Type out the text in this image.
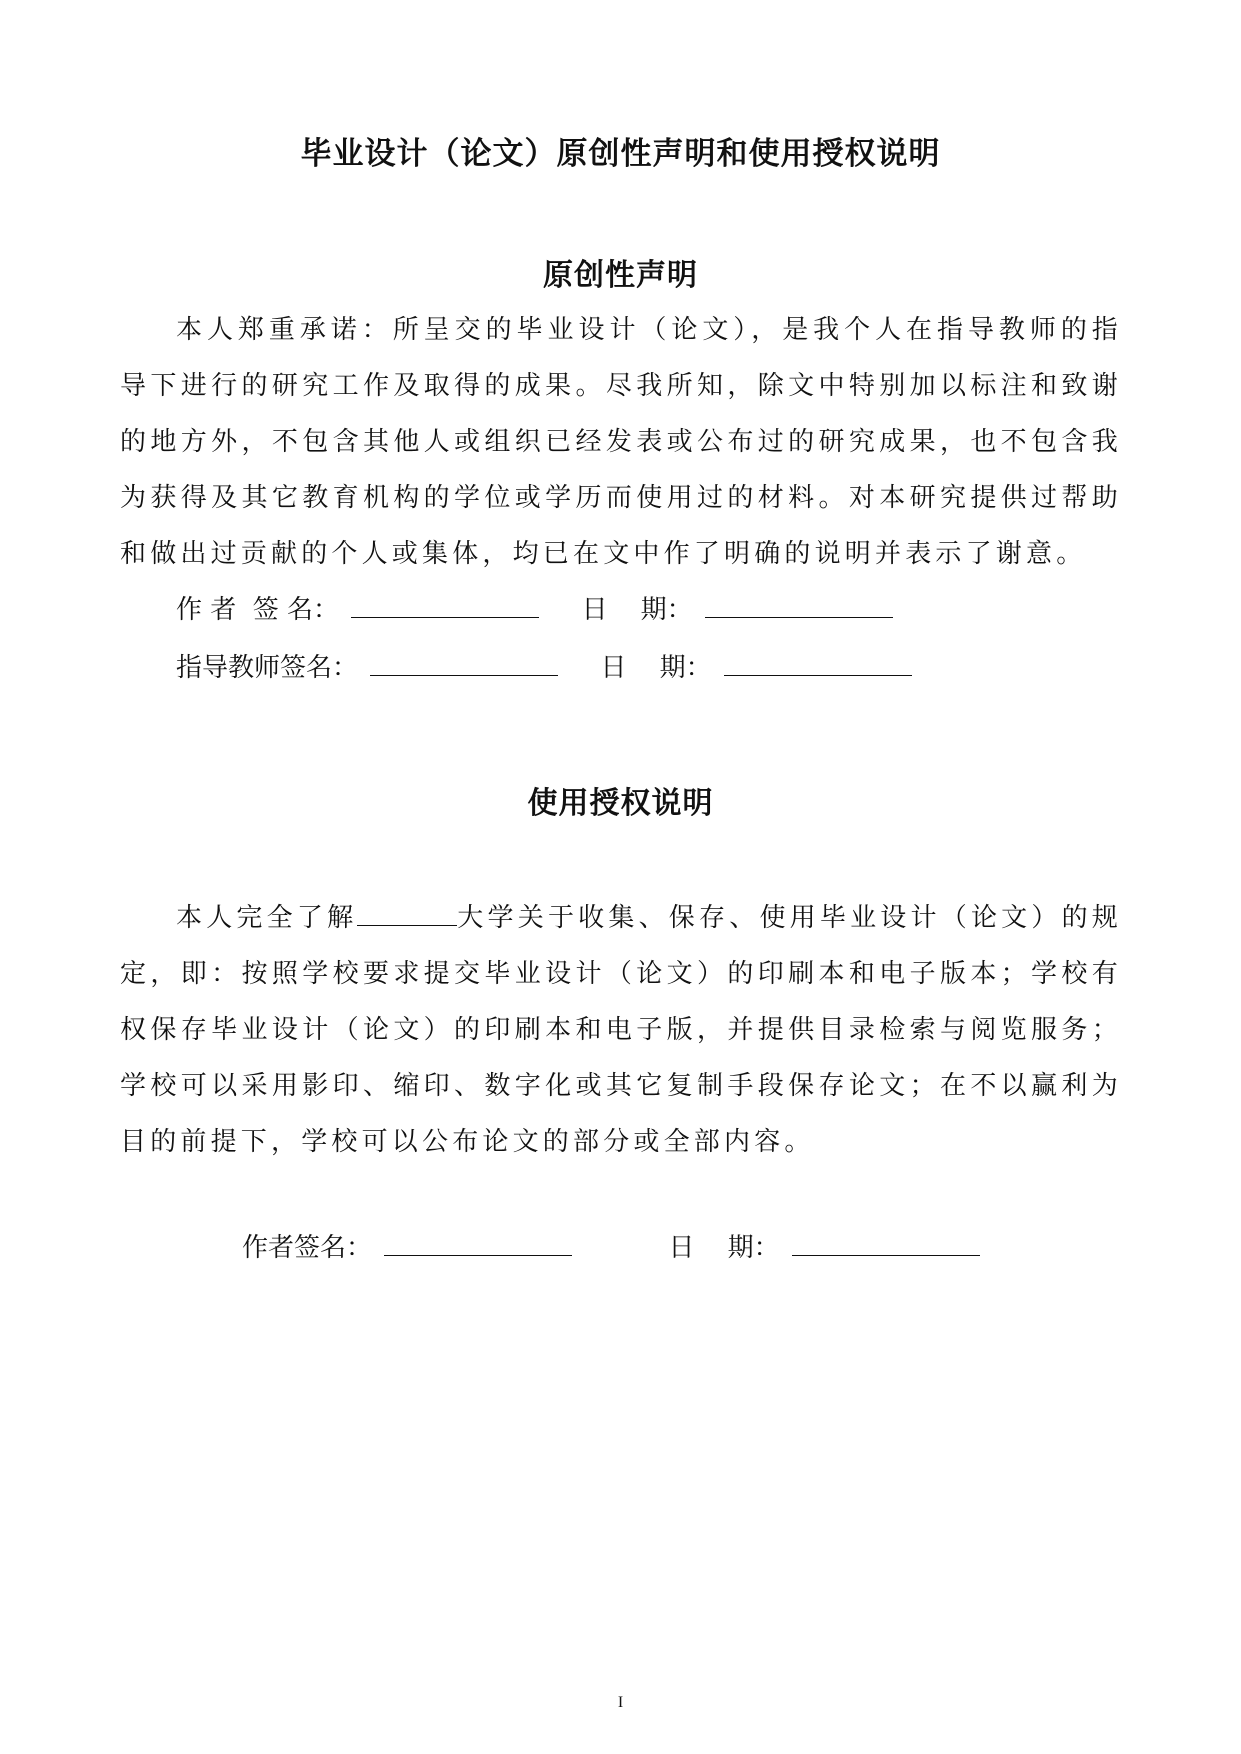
毕业设计（论文）原创性声明和使用授权说明
原创性声明

本人郑重承诺：所呈交的毕业设计（论文），是我个人在指导教师的指导下进行的研究工作及取得的成果。尽我所知，除文中特别加以标注和致谢的地方外，不包含其他人或组织已经发表或公布过的研究成果，也不包含我为获得及其它教育机构的学位或学历而使用过的材料。对本研究提供过帮助和做出过贡献的个人或集体，均已在文中作了明确的说明并表示了谢意。

作 者  签 名：	日    期：
指导教师签名：	日    期：
使用授权说明

本人完全了解	大学关于收集、保存、使用毕业设计（论文）的规定，即：按照学校要求提交毕业设计（论文）的印刷本和电子版本；学校有权保存毕业设计（论文）的印刷本和电子版，并提供目录检索与阅览服务；学校可以采用影印、缩印、数字化或其它复制手段保存论文；在不以赢利为目的前提下，学校可以公布论文的部分或全部内容。

作者签名：	日    期：
I
